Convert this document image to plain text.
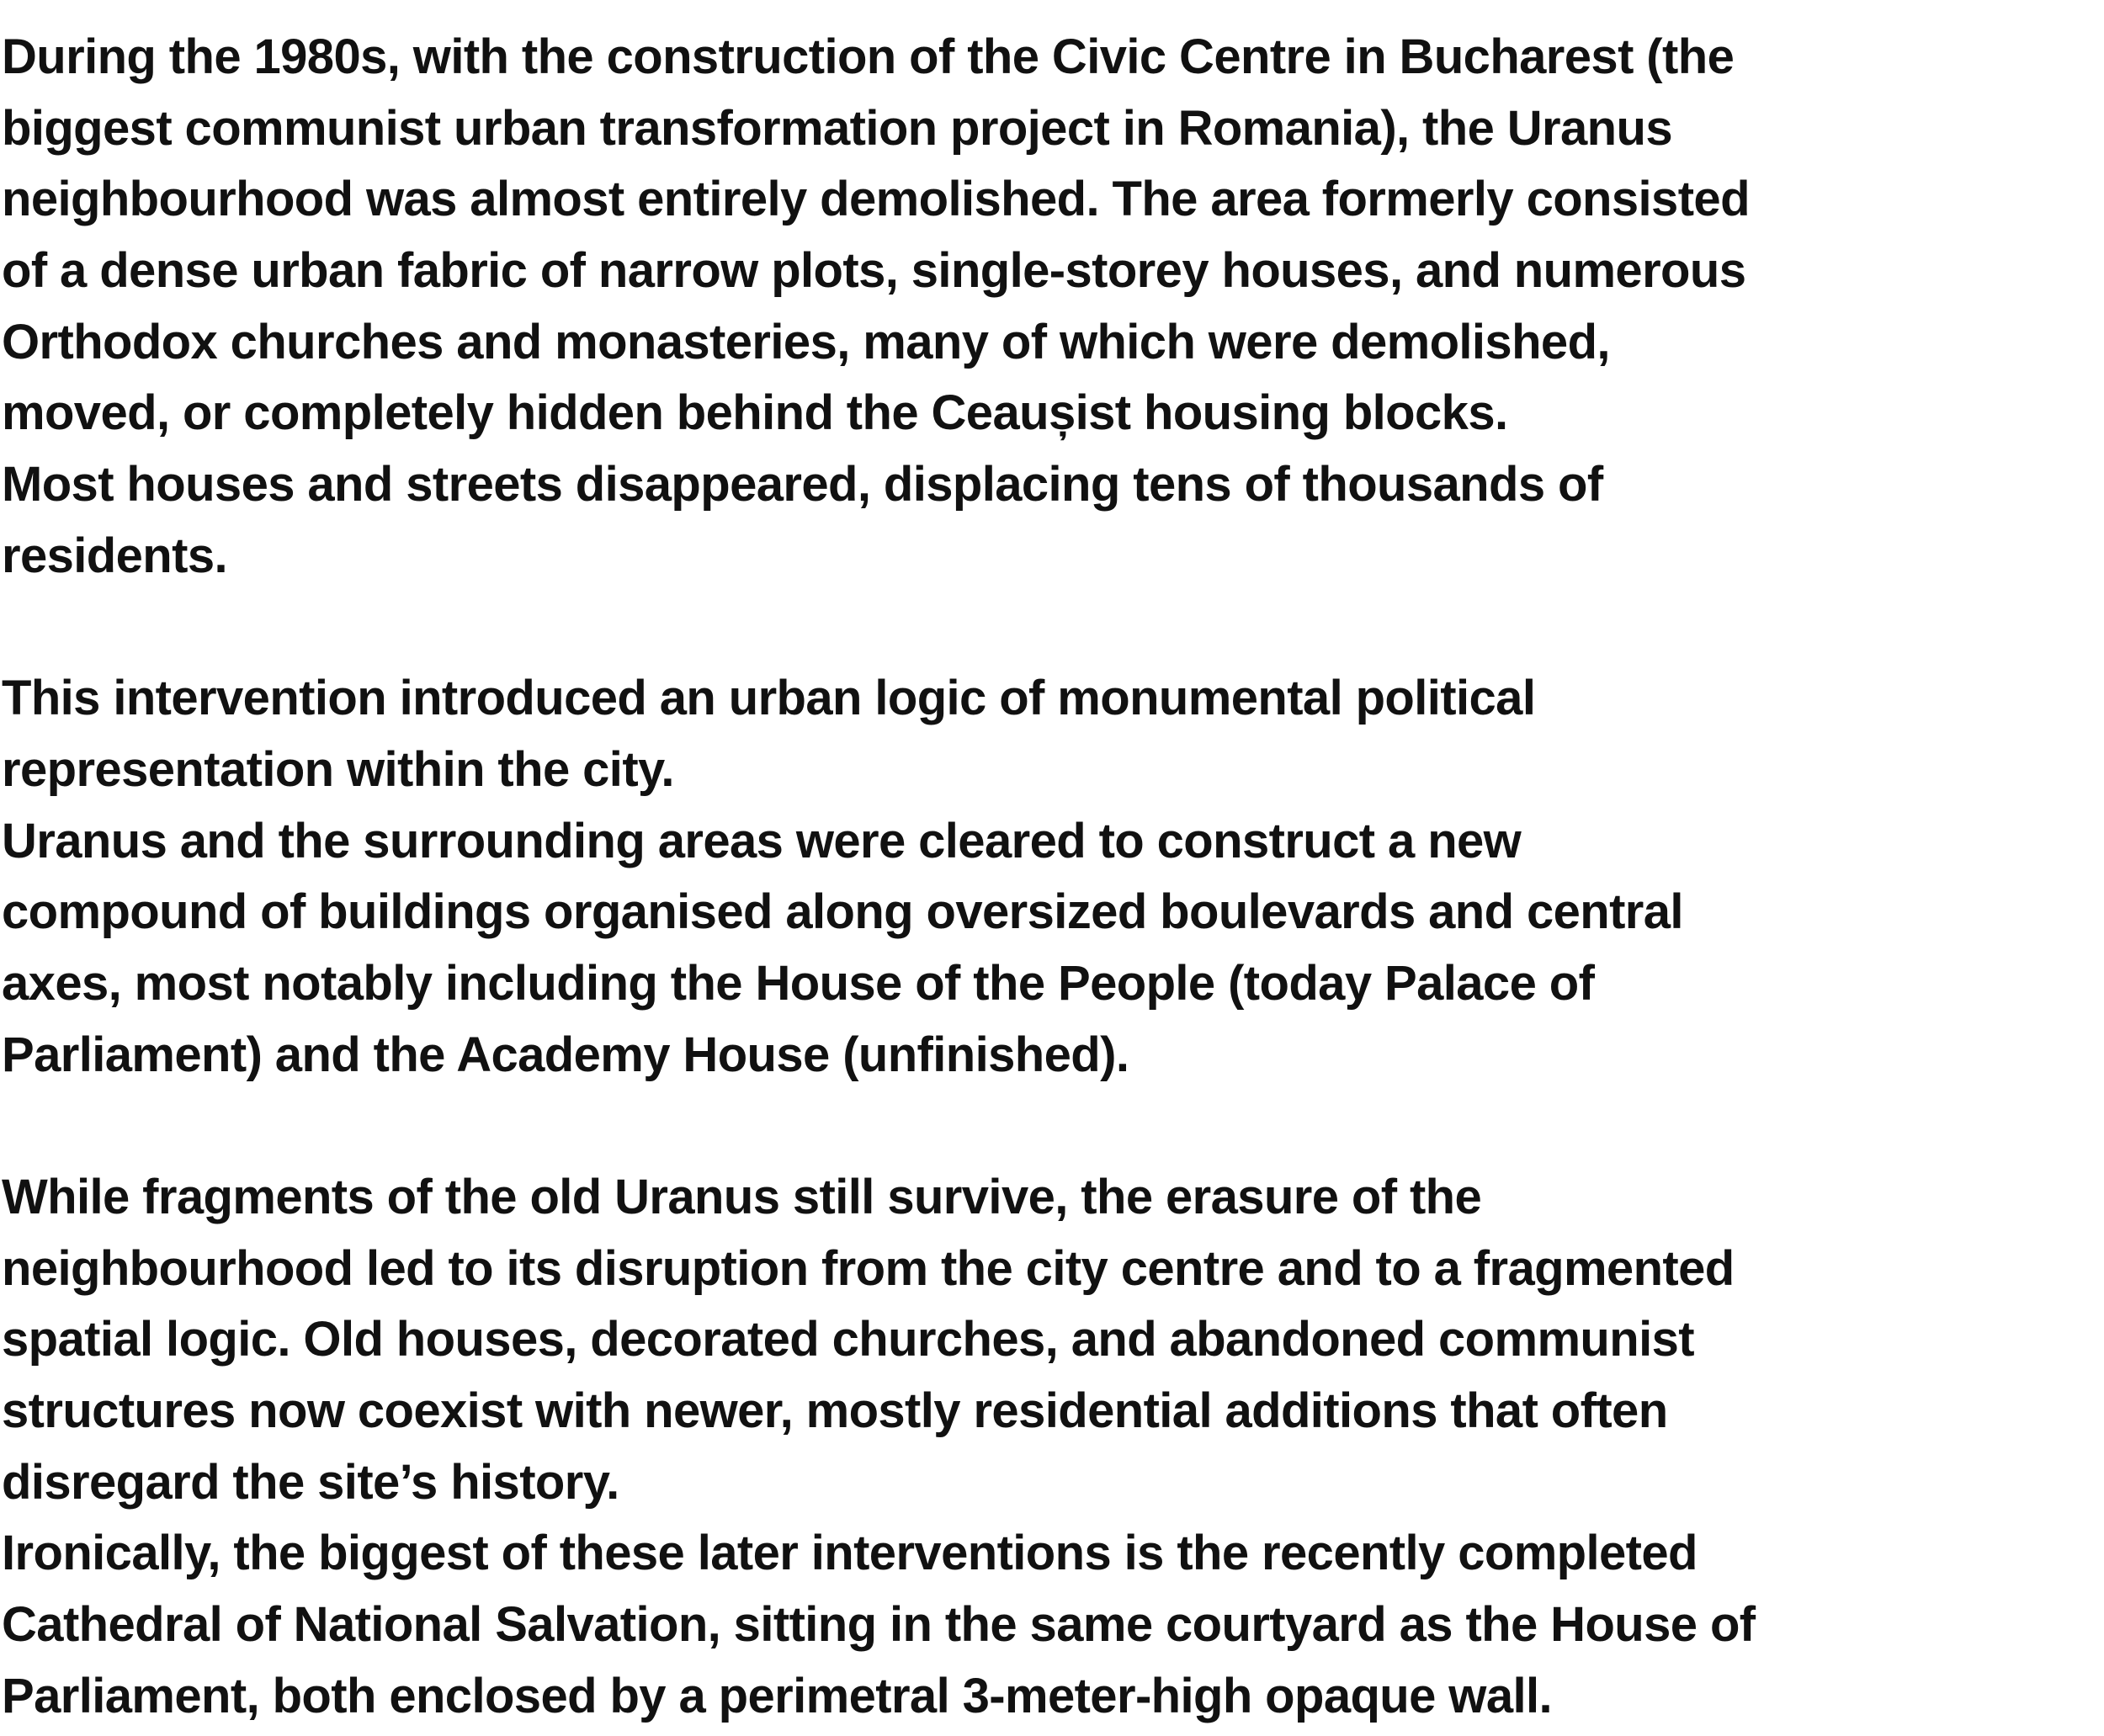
During the 1980s, with the construction of the Civic Centre in Bucharest (the
biggest communist urban transformation project in Romania), the Uranus
neighbourhood was almost entirely demolished. The area formerly consisted
of a dense urban fabric of narrow plots, single-storey houses, and numerous
Orthodox churches and monasteries, many of which were demolished,
moved, or completely hidden behind the Ceaușist housing blocks.
Most houses and streets disappeared, displacing tens of thousands of
residents.
This intervention introduced an urban logic of monumental political
representation within the city.
Uranus and the surrounding areas were cleared to construct a new
compound of buildings organised along oversized boulevards and central
axes, most notably including the House of the People (today Palace of
Parliament) and the Academy House (unfinished).
While fragments of the old Uranus still survive, the erasure of the
neighbourhood led to its disruption from the city centre and to a fragmented
spatial logic. Old houses, decorated churches, and abandoned communist
structures now coexist with newer, mostly residential additions that often
disregard the site’s history.
Ironically, the biggest of these later interventions is the recently completed
Cathedral of National Salvation, sitting in the same courtyard as the House of
Parliament, both enclosed by a perimetral 3-meter-high opaque wall.
